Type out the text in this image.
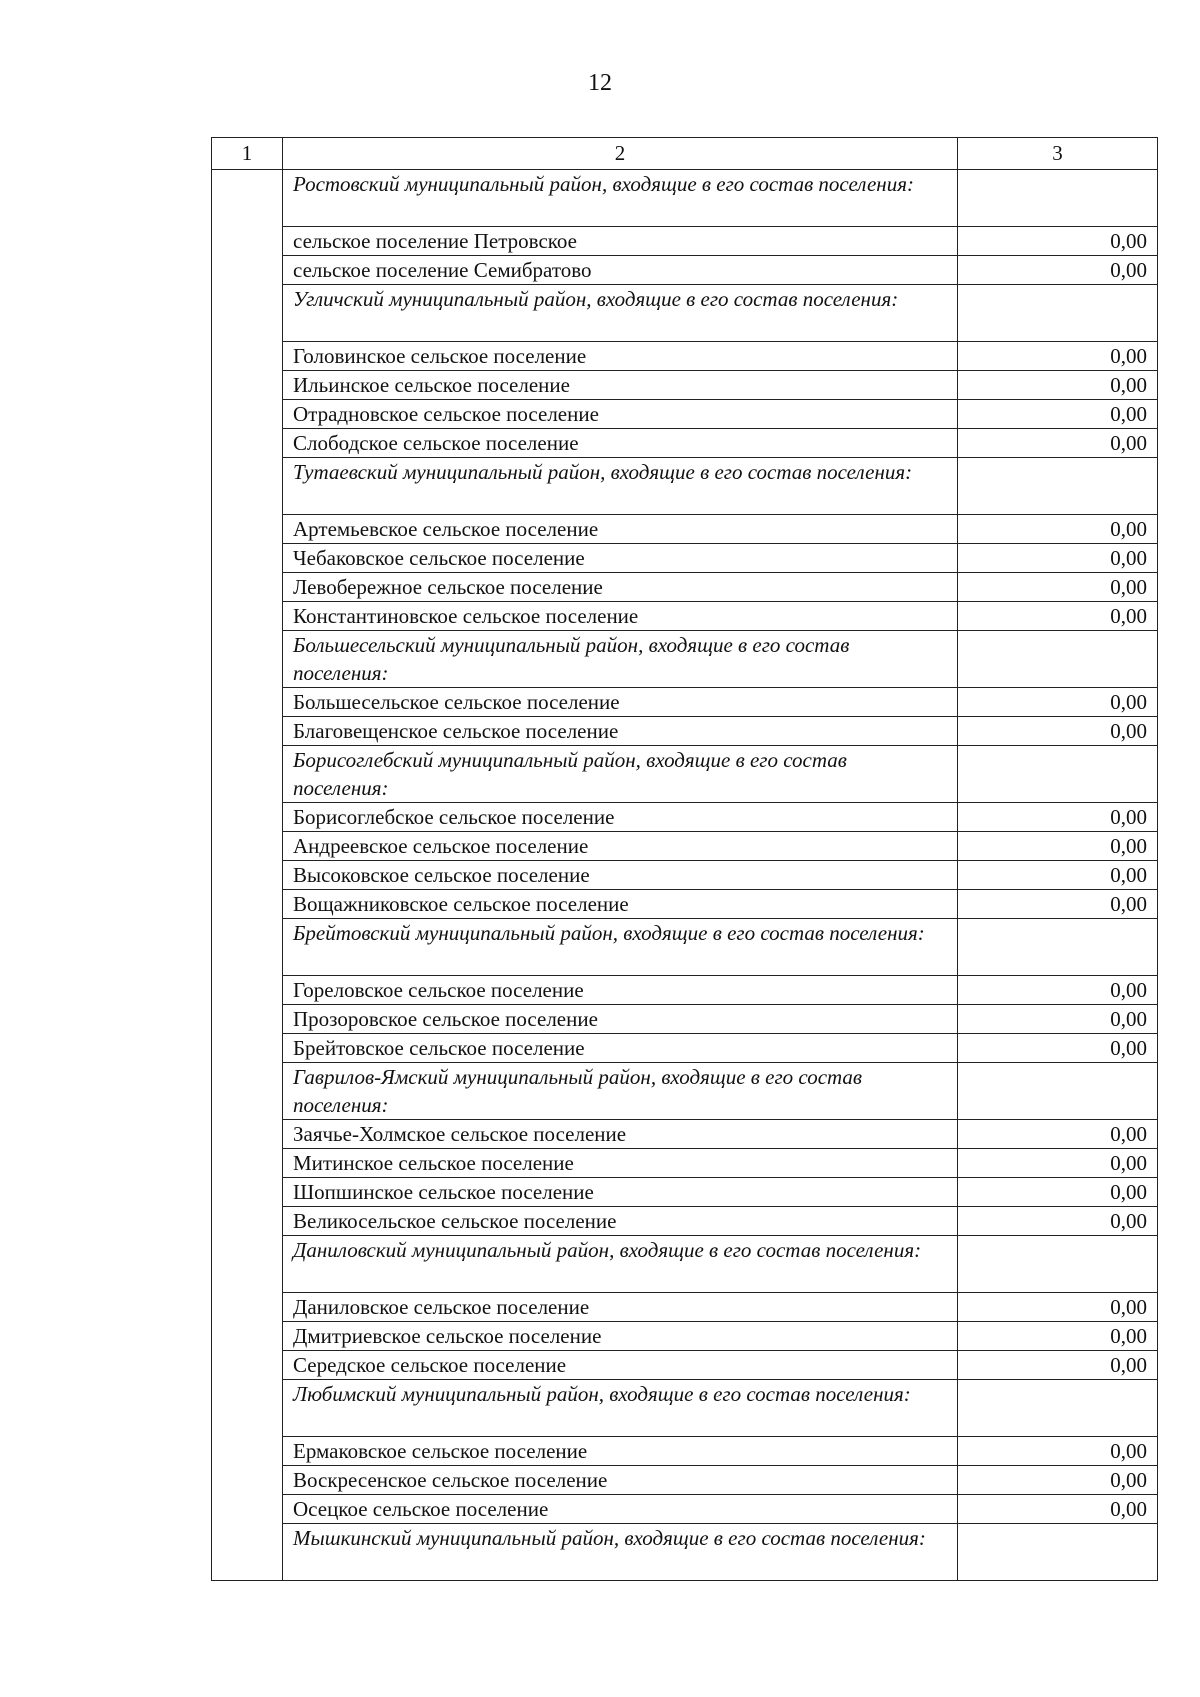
12
1	2	3
	Ростовский муниципальный район, входящие в его состав поселения:	
	сельское поселение Петровское	0,00
	сельское поселение Семибратово	0,00
	Угличский муниципальный район, входящие в его состав поселения:	
	Головинское сельское поселение	0,00
	Ильинское сельское поселение	0,00
	Отрадновское сельское поселение	0,00
	Слободское сельское поселение	0,00
	Тутаевский муниципальный район, входящие в его состав поселения:	
	Артемьевское сельское поселение	0,00
	Чебаковское сельское поселение	0,00
	Левобережное сельское поселение	0,00
	Константиновское сельское поселение	0,00
	Большесельский муниципальный район, входящие в его состав поселения:	
	Большесельское сельское поселение	0,00
	Благовещенское сельское поселение	0,00
	Борисоглебский муниципальный район, входящие в его состав поселения:	
	Борисоглебское сельское поселение	0,00
	Андреевское сельское поселение	0,00
	Высоковское сельское поселение	0,00
	Вощажниковское сельское поселение	0,00
	Брейтовский муниципальный район, входящие в его состав поселения:	
	Гореловское сельское поселение	0,00
	Прозоровское сельское поселение	0,00
	Брейтовское сельское поселение	0,00
	Гаврилов-Ямский муниципальный район, входящие в его состав поселения:	
	Заячье-Холмское сельское поселение	0,00
	Митинское сельское поселение	0,00
	Шопшинское сельское поселение	0,00
	Великосельское сельское поселение	0,00
	Даниловский муниципальный район, входящие в его состав поселения:	
	Даниловское сельское поселение	0,00
	Дмитриевское сельское поселение	0,00
	Середское сельское поселение	0,00
	Любимский муниципальный район, входящие в его состав поселения:	
	Ермаковское сельское поселение	0,00
	Воскресенское сельское поселение	0,00
	Осецкое сельское поселение	0,00
	Мышкинский муниципальный район, входящие в его состав поселения:	
